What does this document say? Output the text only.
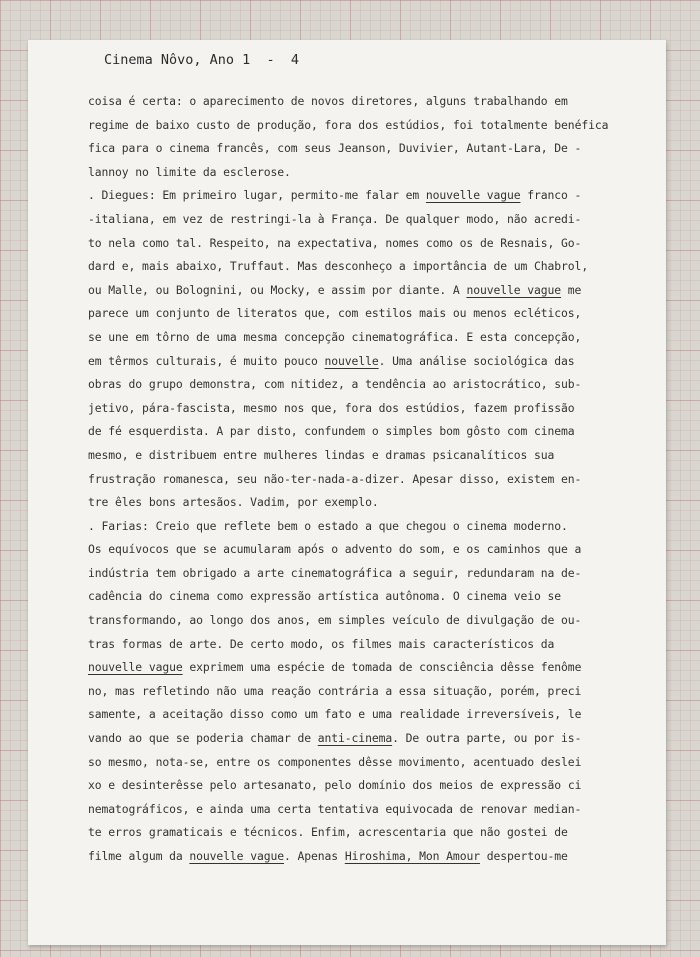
Cinema Nôvo, Ano 1  -  4
coisa é certa: o aparecimento de novos diretores, alguns trabalhando em
regime de baixo custo de produção, fora dos estúdios, foi totalmente benéfica
fica para o cinema francês, com seus Jeanson, Duvivier, Autant-Lara, De -
lannoy no limite da esclerose.
. Diegues: Em primeiro lugar, permito-me falar em nouvelle vague franco -
-italiana, em vez de restringi-la à França. De qualquer modo, não acredi-
to nela como tal. Respeito, na expectativa, nomes como os de Resnais, Go-
dard e, mais abaixo, Truffaut. Mas desconheço a importância de um Chabrol,
ou Malle, ou Bolognini, ou Mocky, e assim por diante. A nouvelle vague me
parece um conjunto de literatos que, com estilos mais ou menos ecléticos,
se une em tôrno de uma mesma concepção cinematográfica. E esta concepção,
em têrmos culturais, é muito pouco nouvelle. Uma análise sociológica das
obras do grupo demonstra, com nitidez, a tendência ao aristocrático, sub-
jetivo, pára-fascista, mesmo nos que, fora dos estúdios, fazem profissão
de fé esquerdista. A par disto, confundem o simples bom gôsto com cinema
mesmo, e distribuem entre mulheres lindas e dramas psicanalíticos sua
frustração romanesca, seu não-ter-nada-a-dizer. Apesar disso, existem en-
tre êles bons artesãos. Vadim, por exemplo.
. Farias: Creio que reflete bem o estado a que chegou o cinema moderno.
Os equívocos que se acumularam após o advento do som, e os caminhos que a
indústria tem obrigado a arte cinematográfica a seguir, redundaram na de-
cadência do cinema como expressão artística autônoma. O cinema veio se
transformando, ao longo dos anos, em simples veículo de divulgação de ou-
tras formas de arte. De certo modo, os filmes mais característicos da
nouvelle vague exprimem uma espécie de tomada de consciência dêsse fenôme
no, mas refletindo não uma reação contrária a essa situação, porém, preci
samente, a aceitação disso como um fato e uma realidade irreversíveis, le
vando ao que se poderia chamar de anti-cinema. De outra parte, ou por is-
so mesmo, nota-se, entre os componentes dêsse movimento, acentuado deslei
xo e desinterêsse pelo artesanato, pelo domínio dos meios de expressão ci
nematográficos, e ainda uma certa tentativa equivocada de renovar median-
te erros gramaticais e técnicos. Enfim, acrescentaria que não gostei de
filme algum da nouvelle vague. Apenas Hiroshima, Mon Amour despertou-me
